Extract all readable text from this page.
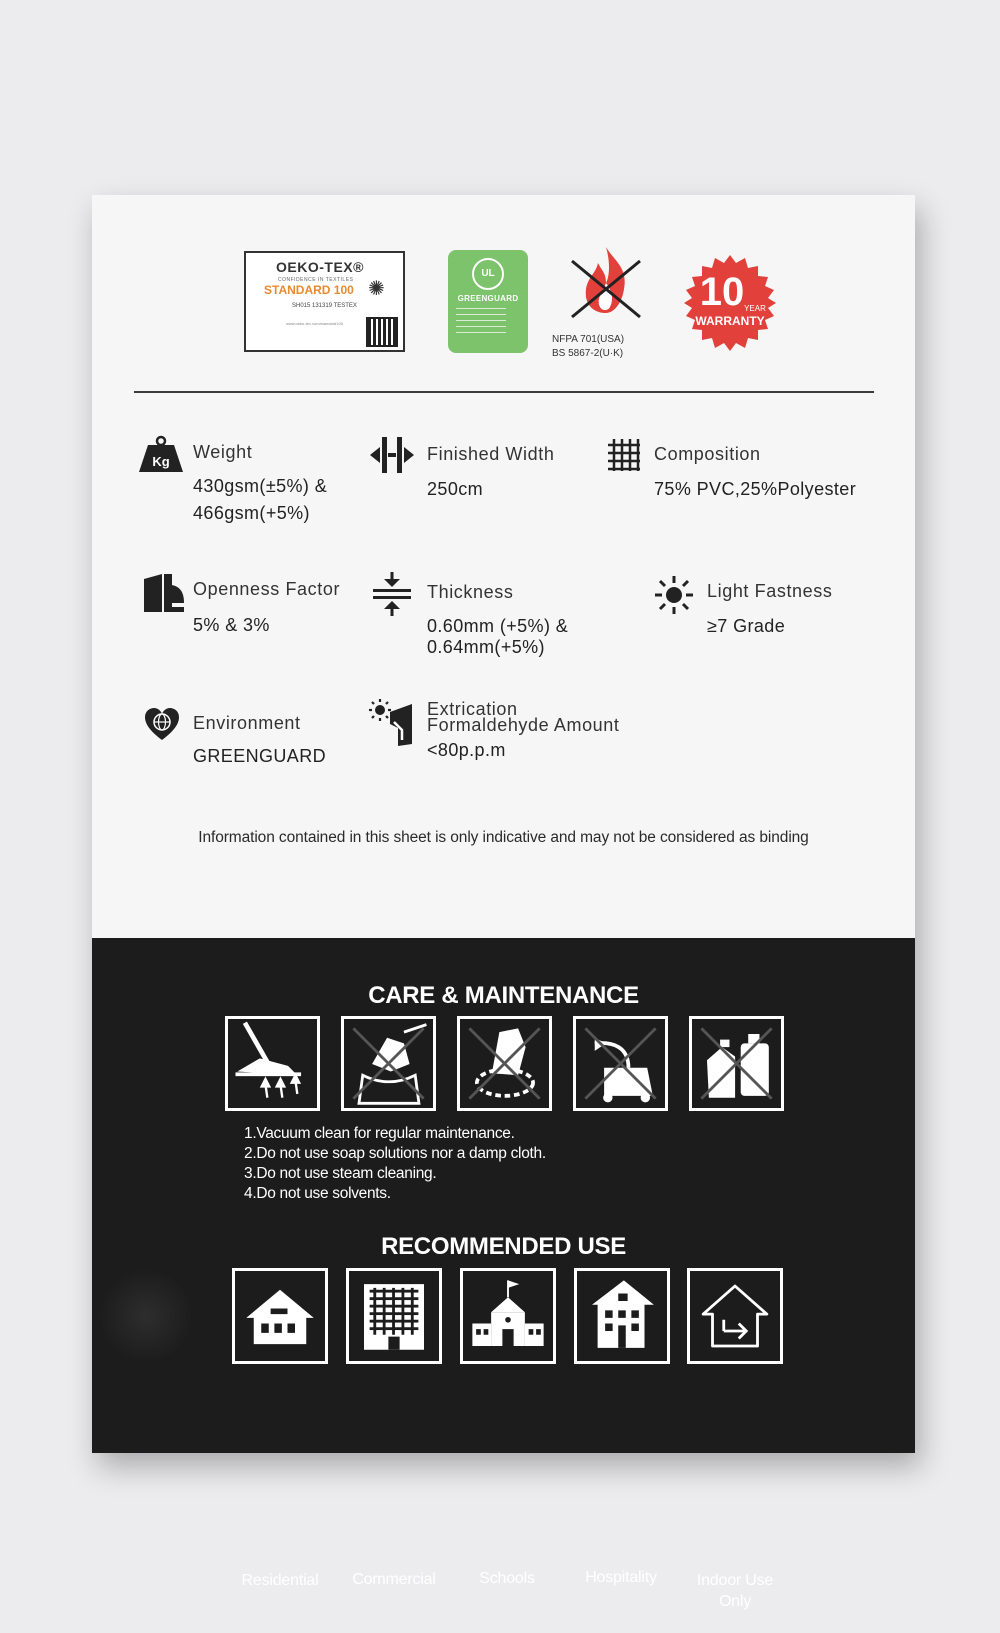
OEKO-TEX®
CONFIDENCE IN TEXTILES
STANDARD 100 ✺
SH015 131319 TESTEX
www.oeko-tex.com/standard100
UL
GREENGUARD
NFPA 701(USA)
BS 5867-2(U·K)
10 YEAR
WARRANTY
Kg Weight
430gsm(±5%) &
466gsm(+5%)
Finished Width
250cm
Composition
75% PVC,25%Polyester
Openness Factor
5% & 3%
Thickness
0.60mm (+5%) &
0.64mm(+5%)
Light Fastness
≥7 Grade
Environment
GREENGUARD
Extrication
Formaldehyde Amount
<80p.p.m
Information contained in this sheet is only indicative and may not be considered as binding
CARE & MAINTENANCE
1.Vacuum clean for regular maintenance.
2.Do not use soap solutions nor a damp cloth.
3.Do not use steam cleaning.
4.Do not use solvents.
RECOMMENDED USE
Residential	Commercial	Schools	Hospitality	Indoor Use
Only
